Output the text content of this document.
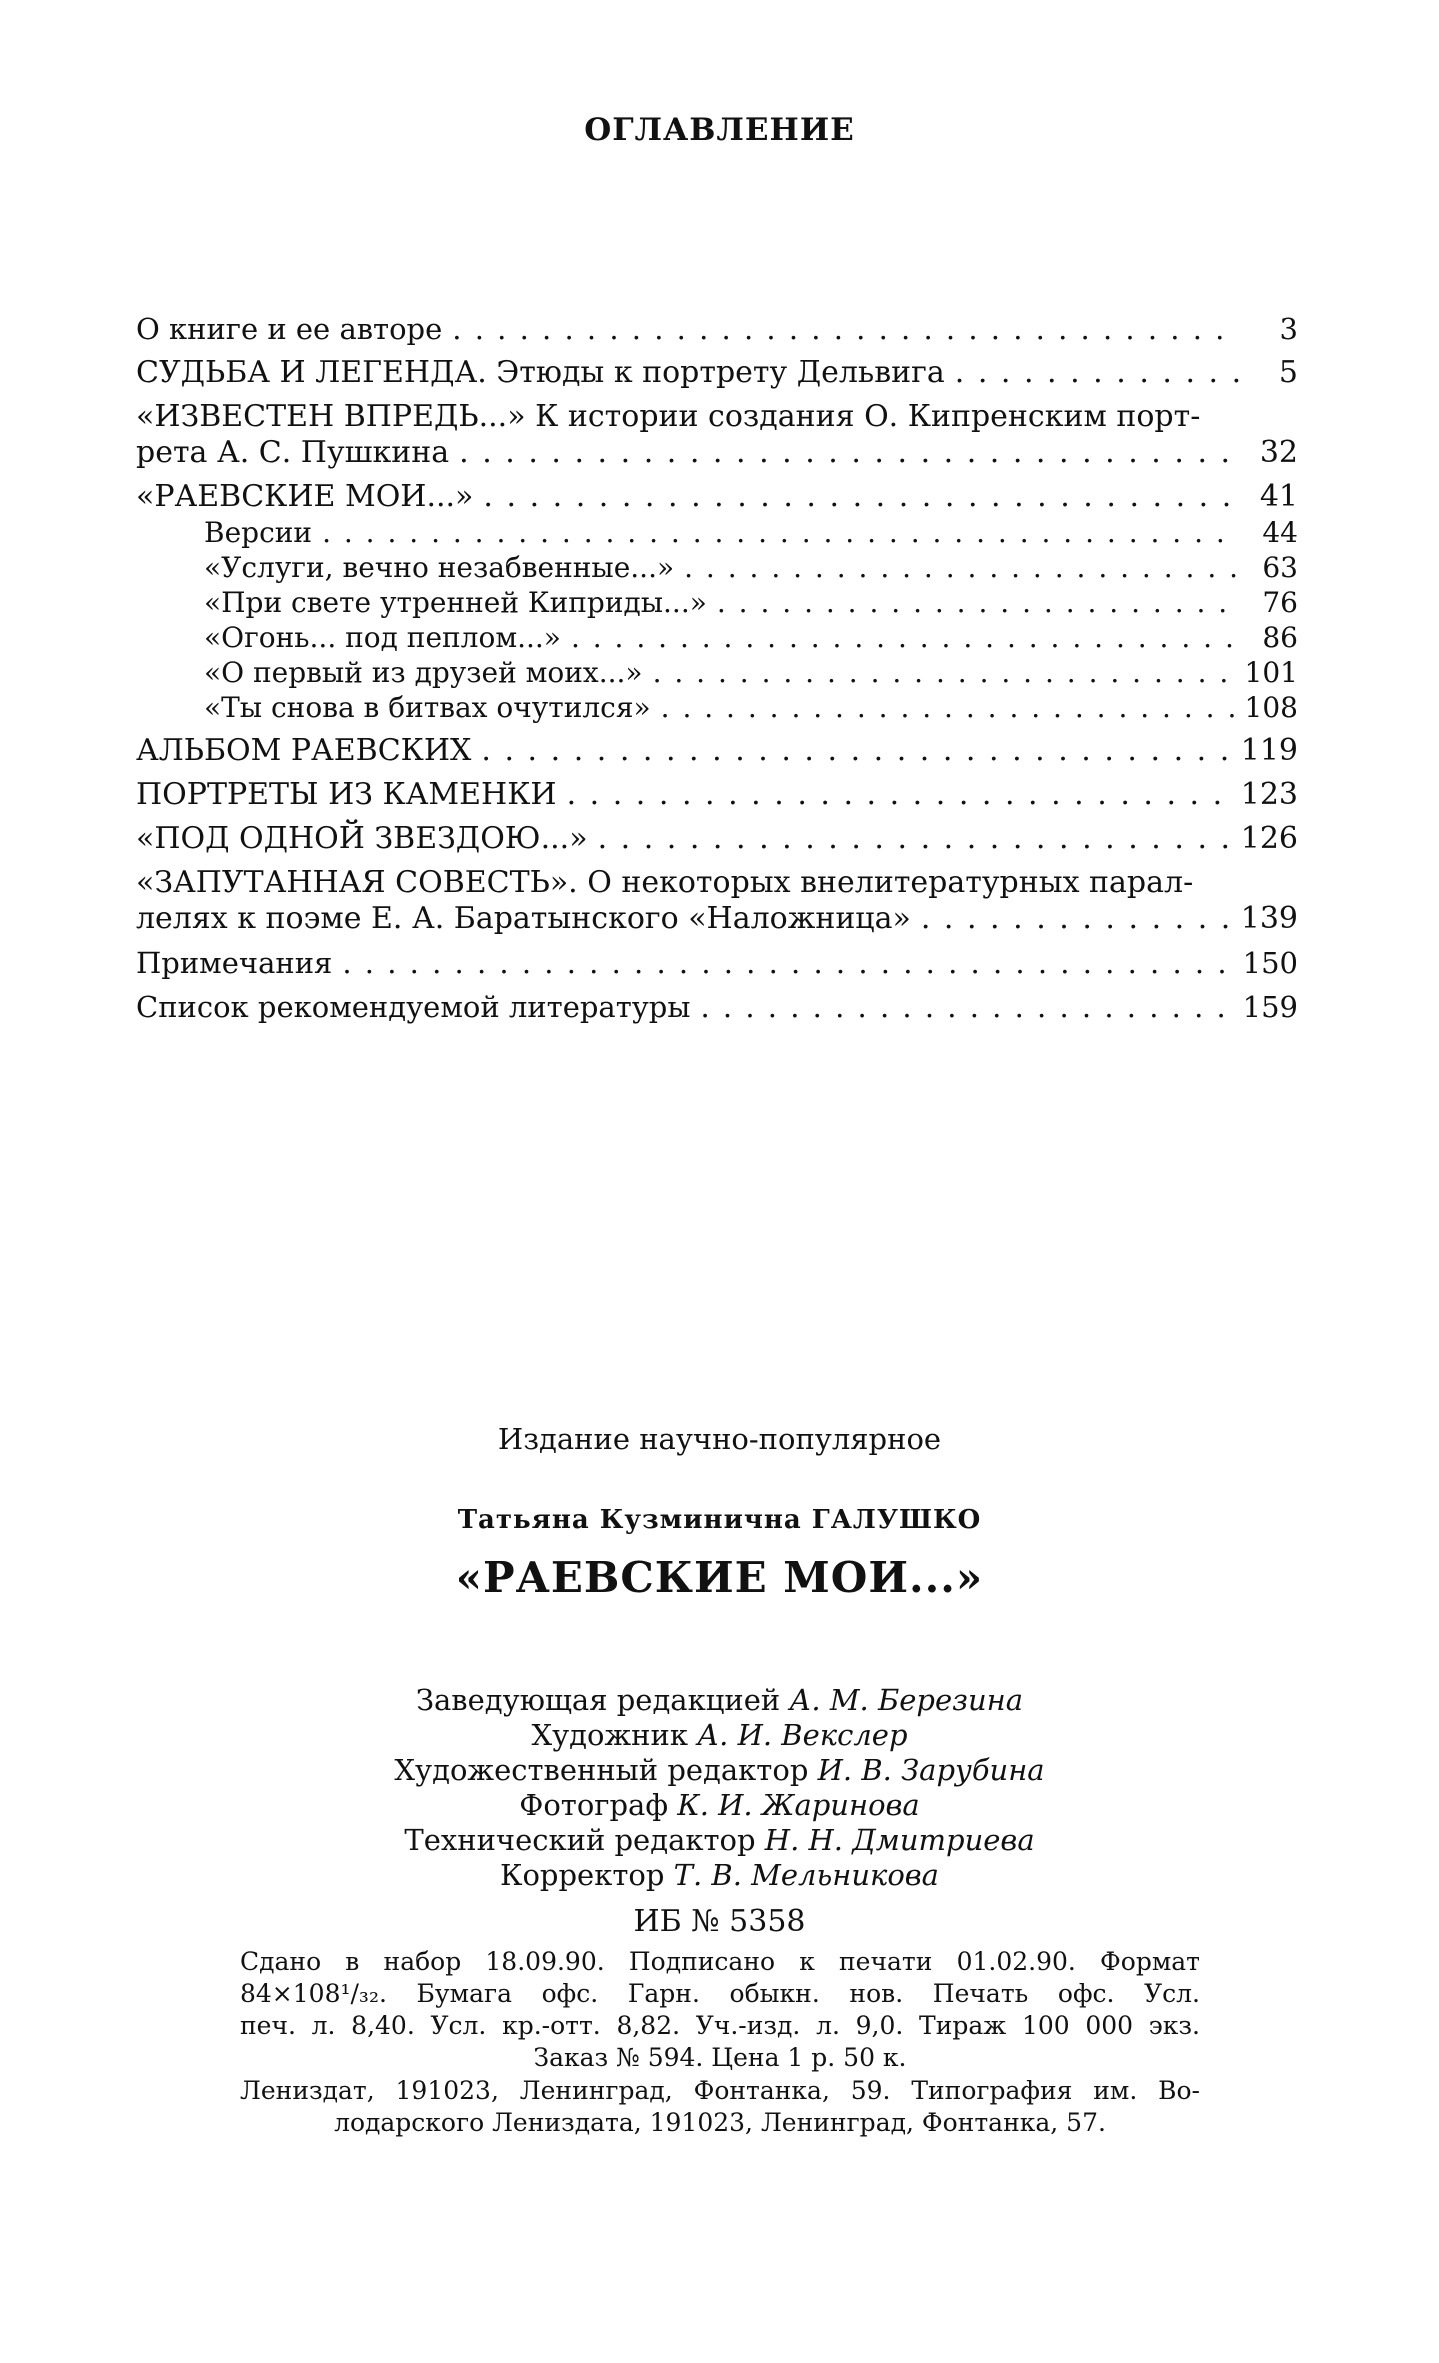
ОГЛАВЛЕНИЕ
О книге и ее авторе . . .	3
СУДЬБА И ЛЕГЕНДА. Этюды к портрету Дельвига . . .	5
«ИЗВЕСТЕН ВПРЕДЬ...» К истории создания О. Кипренским порт-
рета А. С. Пушкина . . .	32
«РАЕВСКИЕ МОИ...» . . .	41
Версии . . .	44
«Услуги, вечно незабвенные...» . . .	63
«При свете утренней Киприды...» . . .	76
«Огонь... под пеплом...» . . .	86
«О первый из друзей моих...» . . .	101
«Ты снова в битвах очутился» . . .	108
АЛЬБОМ РАЕВСКИХ . . .	119
ПОРТРЕТЫ ИЗ КАМЕНКИ . . .	123
«ПОД ОДНОЙ ЗВЕЗДОЮ...» . . .	126
«ЗАПУТАННАЯ СОВЕСТЬ». О некоторых внелитературных парал-
лелях к поэме Е. А. Баратынского «Наложница» . . .	139
Примечания . . .	150
Список рекомендуемой литературы . . .	159
Издание научно-популярное
Татьяна Кузминична ГАЛУШКО
«РАЕВСКИЕ МОИ...»
Заведующая редакцией А. М. Березина
Художник А. И. Векслер
Художественный редактор И. В. Зарубина
Фотограф К. И. Жаринова
Технический редактор Н. Н. Дмитриева
Корректор Т. В. Мельникова
ИБ № 5358
Сдано в набор 18.09.90. Подписано к печати 01.02.90. Формат
84×108¹/₃₂. Бумага офс. Гарн. обыкн. нов. Печать офс. Усл.
печ. л. 8,40. Усл. кр.-отт. 8,82. Уч.-изд. л. 9,0. Тираж 100 000 экз.
Заказ № 594. Цена 1 р. 50 к.
Лениздат, 191023, Ленинград, Фонтанка, 59. Типография им. Во-
лодарского Лениздата, 191023, Ленинград, Фонтанка, 57.
